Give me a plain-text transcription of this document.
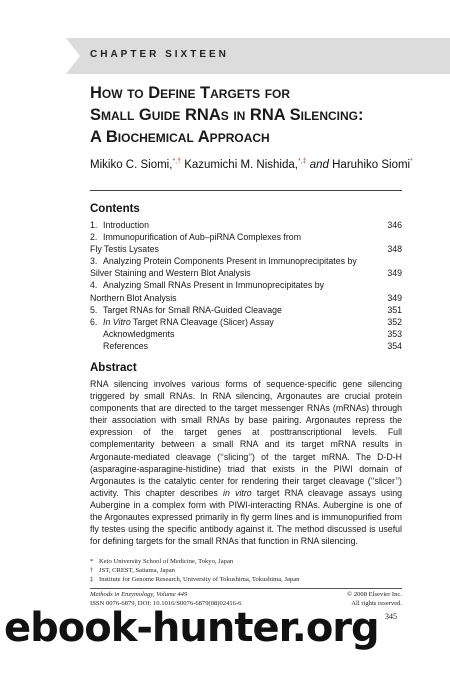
CHAPTER SIXTEEN
How to Define Targets for
Small Guide RNAs in RNA Silencing:
A Biochemical Approach
Mikiko C. Siomi,*,† Kazumichi M. Nishida,*,‡ and Haruhiko Siomi*
Contents
1. Introduction	346
2. Immunopurification of Aub–piRNA Complexes from
Fly Testis Lysates	348
3. Analyzing Protein Components Present in Immunoprecipitates by
Silver Staining and Western Blot Analysis	349
4. Analyzing Small RNAs Present in Immunoprecipitates by
Northern Blot Analysis	349
5. Target RNAs for Small RNA-Guided Cleavage	351
6. In Vitro Target RNA Cleavage (Slicer) Assay	352
Acknowledgments	353
References	354
Abstract
RNA silencing involves various forms of sequence-specific gene silencing triggered by small RNAs. In RNA silencing, Argonautes are crucial protein components that are directed to the target messenger RNAs (mRNAs) through their association with small RNAs by base pairing. Argonautes repress the expression of the target genes at posttranscriptional levels. Full complementarity between a small RNA and its target mRNA results in Argonaute-mediated cleavage (‘‘slicing’’) of the target mRNA. The D-D-H (asparagine-asparagine-histidine) triad that exists in the PIWI domain of Argonautes is the catalytic center for rendering their target cleavage (‘‘slicer’’) activity. This chapter describes in vitro target RNA cleavage assays using Aubergine in a complex form with PIWI-interacting RNAs. Aubergine is one of the Argonautes expressed primarily in fly germ lines and is immunopurified from fly testes using the specific antibody against it. The method discussed is useful for defining targets for the small RNAs that function in RNA silencing.
* Keio University School of Medicine, Tokyo, Japan
† JST, CREST, Saitama, Japan
‡ Institute for Genome Research, University of Tokushima, Tokushima, Japan
Methods in Enzymology, Volume 449	© 2008 Elsevier Inc.
ISSN 0076-6879, DOI: 10.1016/S0076-6879(08)02416-6	All rights reserved.
345
ebook-hunter.org
